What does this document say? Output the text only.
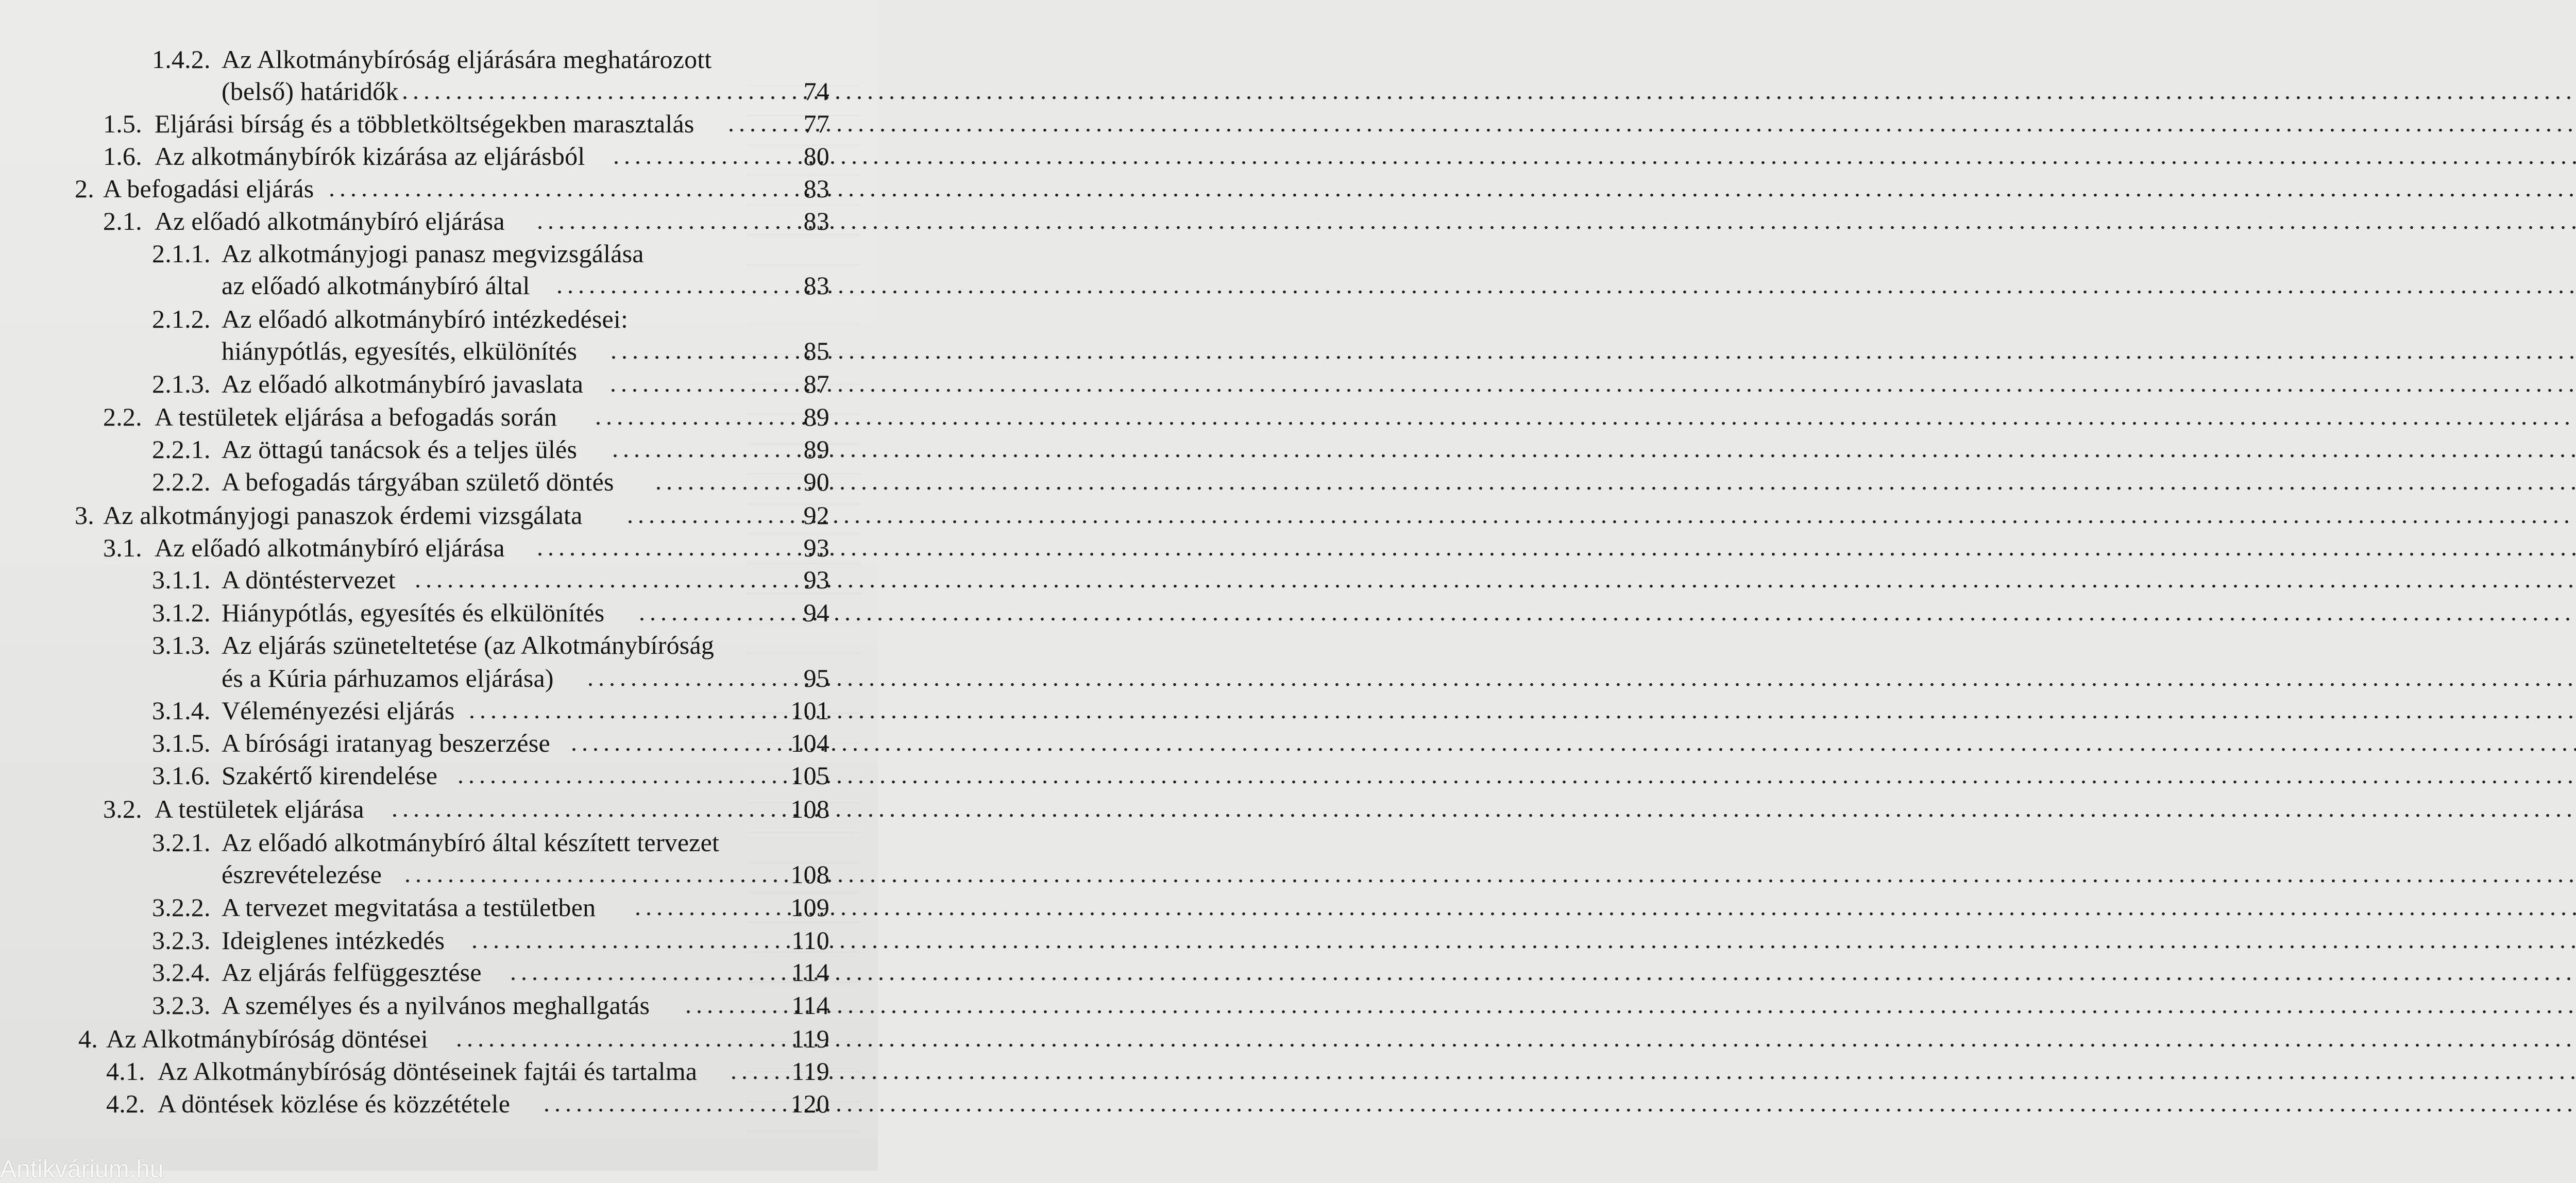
1.4.2. Az Alkotmánybíróság eljárására meghatározott
(belső) határidők .....	74
1.5. Eljárási bírság és a többletköltségekben marasztalás .....	77
1.6. Az alkotmánybírók kizárása az eljárásból .....	80
2. A befogadási eljárás .....	83
2.1. Az előadó alkotmánybíró eljárása .....	83
2.1.1. Az alkotmányjogi panasz megvizsgálása
az előadó alkotmánybíró által .....	83
2.1.2. Az előadó alkotmánybíró intézkedései:
hiánypótlás, egyesítés, elkülönítés .....	85
2.1.3. Az előadó alkotmánybíró javaslata .....	87
2.2. A testületek eljárása a befogadás során .....	89
2.2.1. Az öttagú tanácsok és a teljes ülés .....	89
2.2.2. A befogadás tárgyában születő döntés .....	90
3. Az alkotmányjogi panaszok érdemi vizsgálata .....	92
3.1. Az előadó alkotmánybíró eljárása .....	93
3.1.1. A döntéstervezet .....	93
3.1.2. Hiánypótlás, egyesítés és elkülönítés .....	94
3.1.3. Az eljárás szüneteltetése (az Alkotmánybíróság
és a Kúria párhuzamos eljárása) .....	95
3.1.4. Véleményezési eljárás .....	101
3.1.5. A bírósági iratanyag beszerzése .....	104
3.1.6. Szakértő kirendelése .....	105
3.2. A testületek eljárása .....	108
3.2.1. Az előadó alkotmánybíró által készített tervezet
észrevételezése .....	108
3.2.2. A tervezet megvitatása a testületben .....	109
3.2.3. Ideiglenes intézkedés .....	110
3.2.4. Az eljárás felfüggesztése .....	114
3.2.3. A személyes és a nyilvános meghallgatás .....	114
4. Az Alkotmánybíróság döntései .....	119
4.1. Az Alkotmánybíróság döntéseinek fajtái és tartalma .....	119
4.2. A döntések közlése és közzététele .....	120
Antikvárium.hu
